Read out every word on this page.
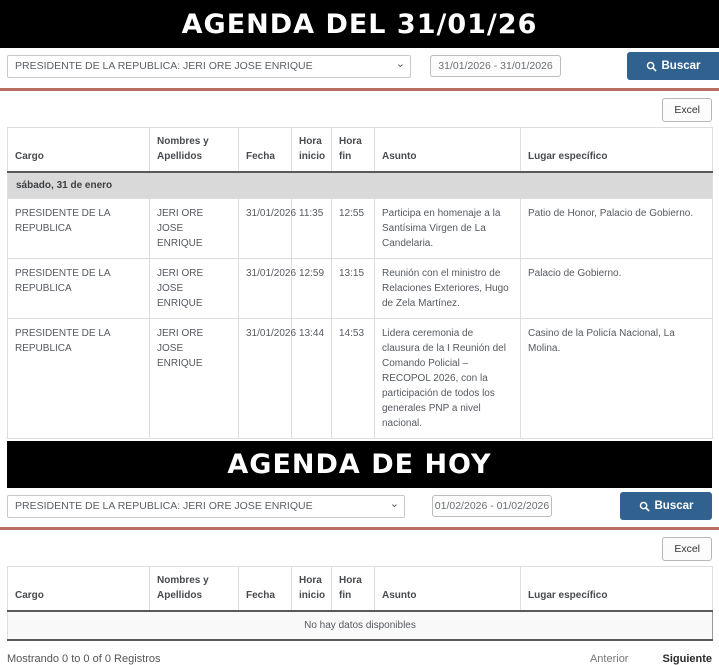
AGENDA DEL 31/01/26
PRESIDENTE DE LA REPUBLICA: JERI ORE JOSE ENRIQUE
⌄	31/01/2026 - 31/01/2026	Buscar
Excel
Cargo	Nombres y Apellidos	Fecha	Hora inicio	Hora fin	Asunto	Lugar específico
sábado, 31 de enero						
PRESIDENTE DE LA REPUBLICA	JERI ORE JOSE ENRIQUE	31/01/2026	11:35	12:55	Participa en homenaje a la Santísima Virgen de La Candelaria.	Patio de Honor, Palacio de Gobierno.
PRESIDENTE DE LA REPUBLICA	JERI ORE JOSE ENRIQUE	31/01/2026	12:59	13:15	Reunión con el ministro de Relaciones Exteriores, Hugo de Zela Martínez.	Palacio de Gobierno.
PRESIDENTE DE LA REPUBLICA	JERI ORE JOSE ENRIQUE	31/01/2026	13:44	14:53	Lidera ceremonia de clausura de la I Reunión del Comando Policial – RECOPOL 2026, con la participación de todos los generales PNP a nivel nacional.	Casino de la Policía Nacional, La Molina.
AGENDA DE HOY
PRESIDENTE DE LA REPUBLICA: JERI ORE JOSE ENRIQUE
⌄	01/02/2026 - 01/02/2026	Buscar
Excel
Cargo	Nombres y Apellidos	Fecha	Hora inicio	Hora fin	Asunto	Lugar específico
No hay datos disponibles
Mostrando 0 to 0 of 0 Registros	Anterior	Siguiente
